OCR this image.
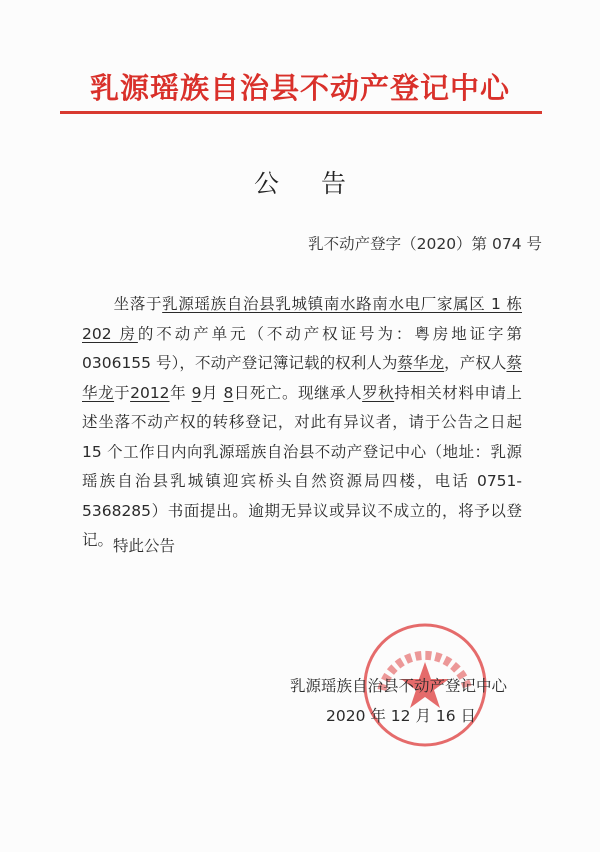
乳源瑶族自治县不动产登记中心
公告
乳不动产登字（2020）第 074 号
坐落于乳源瑶族自治县乳城镇南水路南水电厂家属区 1 栋 202 房的不动产单元（不动产权证号为：粤房地证字第 0306155 号），不动产登记簿记载的权利人为蔡华龙，产权人蔡华龙于2012年 9月 8日死亡。现继承人罗秋持相关材料申请上述坐落不动产权的转移登记，对此有异议者，请于公告之日起 15 个工作日内向乳源瑶族自治县不动产登记中心（地址：乳源瑶族自治县乳城镇迎宾桥头自然资源局四楼，电话 0751-5368285）书面提出。逾期无异议或异议不成立的，将予以登记。 特此公告
乳源瑶族自治县不动产登记中心
2020 年 12 月 16 日
